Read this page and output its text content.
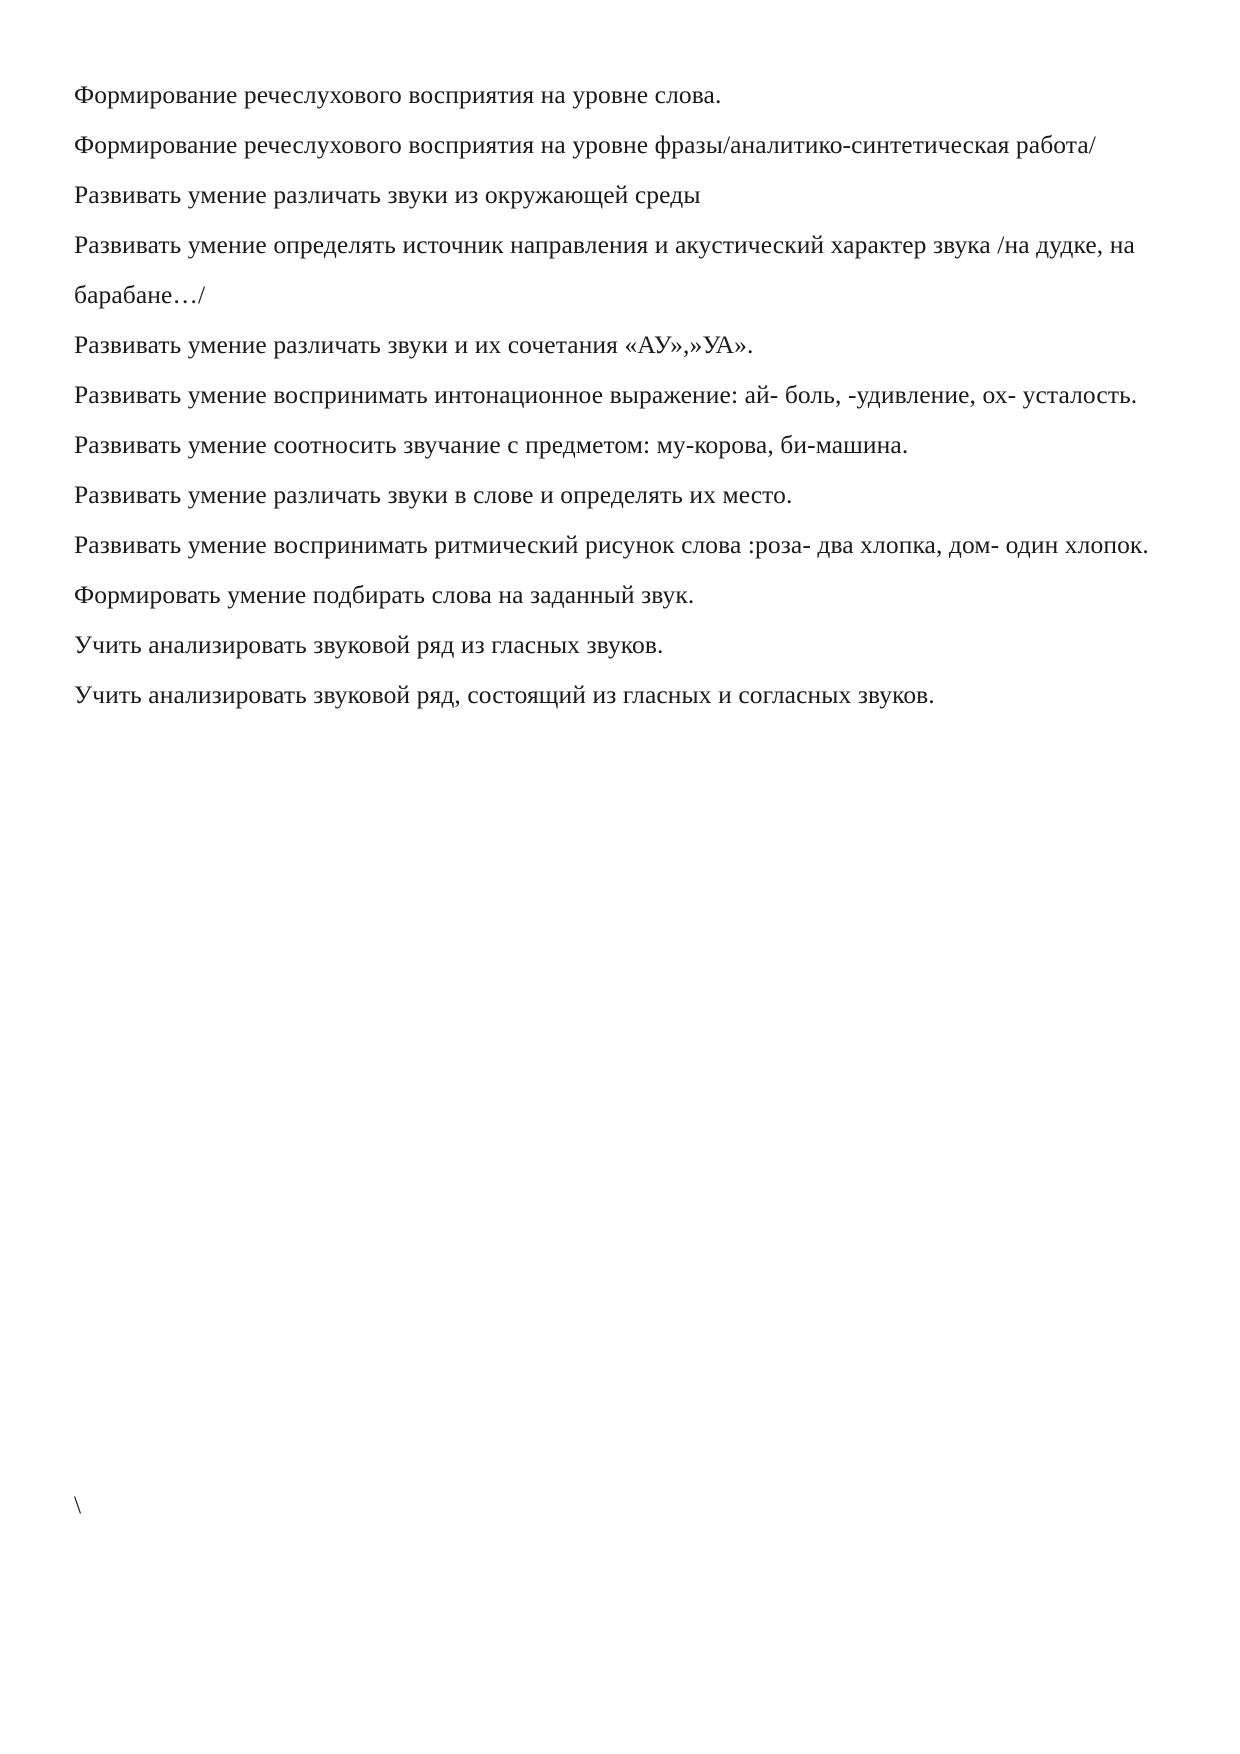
Формирование речеслухового восприятия на уровне слова.

Формирование речеслухового восприятия на уровне фразы/аналитико-синтетическая работа/

Развивать умение различать звуки из окружающей среды

Развивать умение определять источник направления и акустический характер звука /на дудке, на барабане…/

Развивать умение различать звуки и их сочетания «АУ»,»УА».

Развивать умение воспринимать интонационное выражение: ай- боль, -удивление, ох- усталость.

Развивать умение соотносить звучание с предметом: му-корова, би-машина.

Развивать умение различать звуки в слове и определять их место.

Развивать умение воспринимать ритмический рисунок слова :роза- два хлопка, дом- один хлопок.

Формировать умение подбирать слова на заданный звук.

Учить анализировать звуковой ряд из гласных звуков.

Учить анализировать звуковой ряд, состоящий из гласных и согласных звуков.

\
